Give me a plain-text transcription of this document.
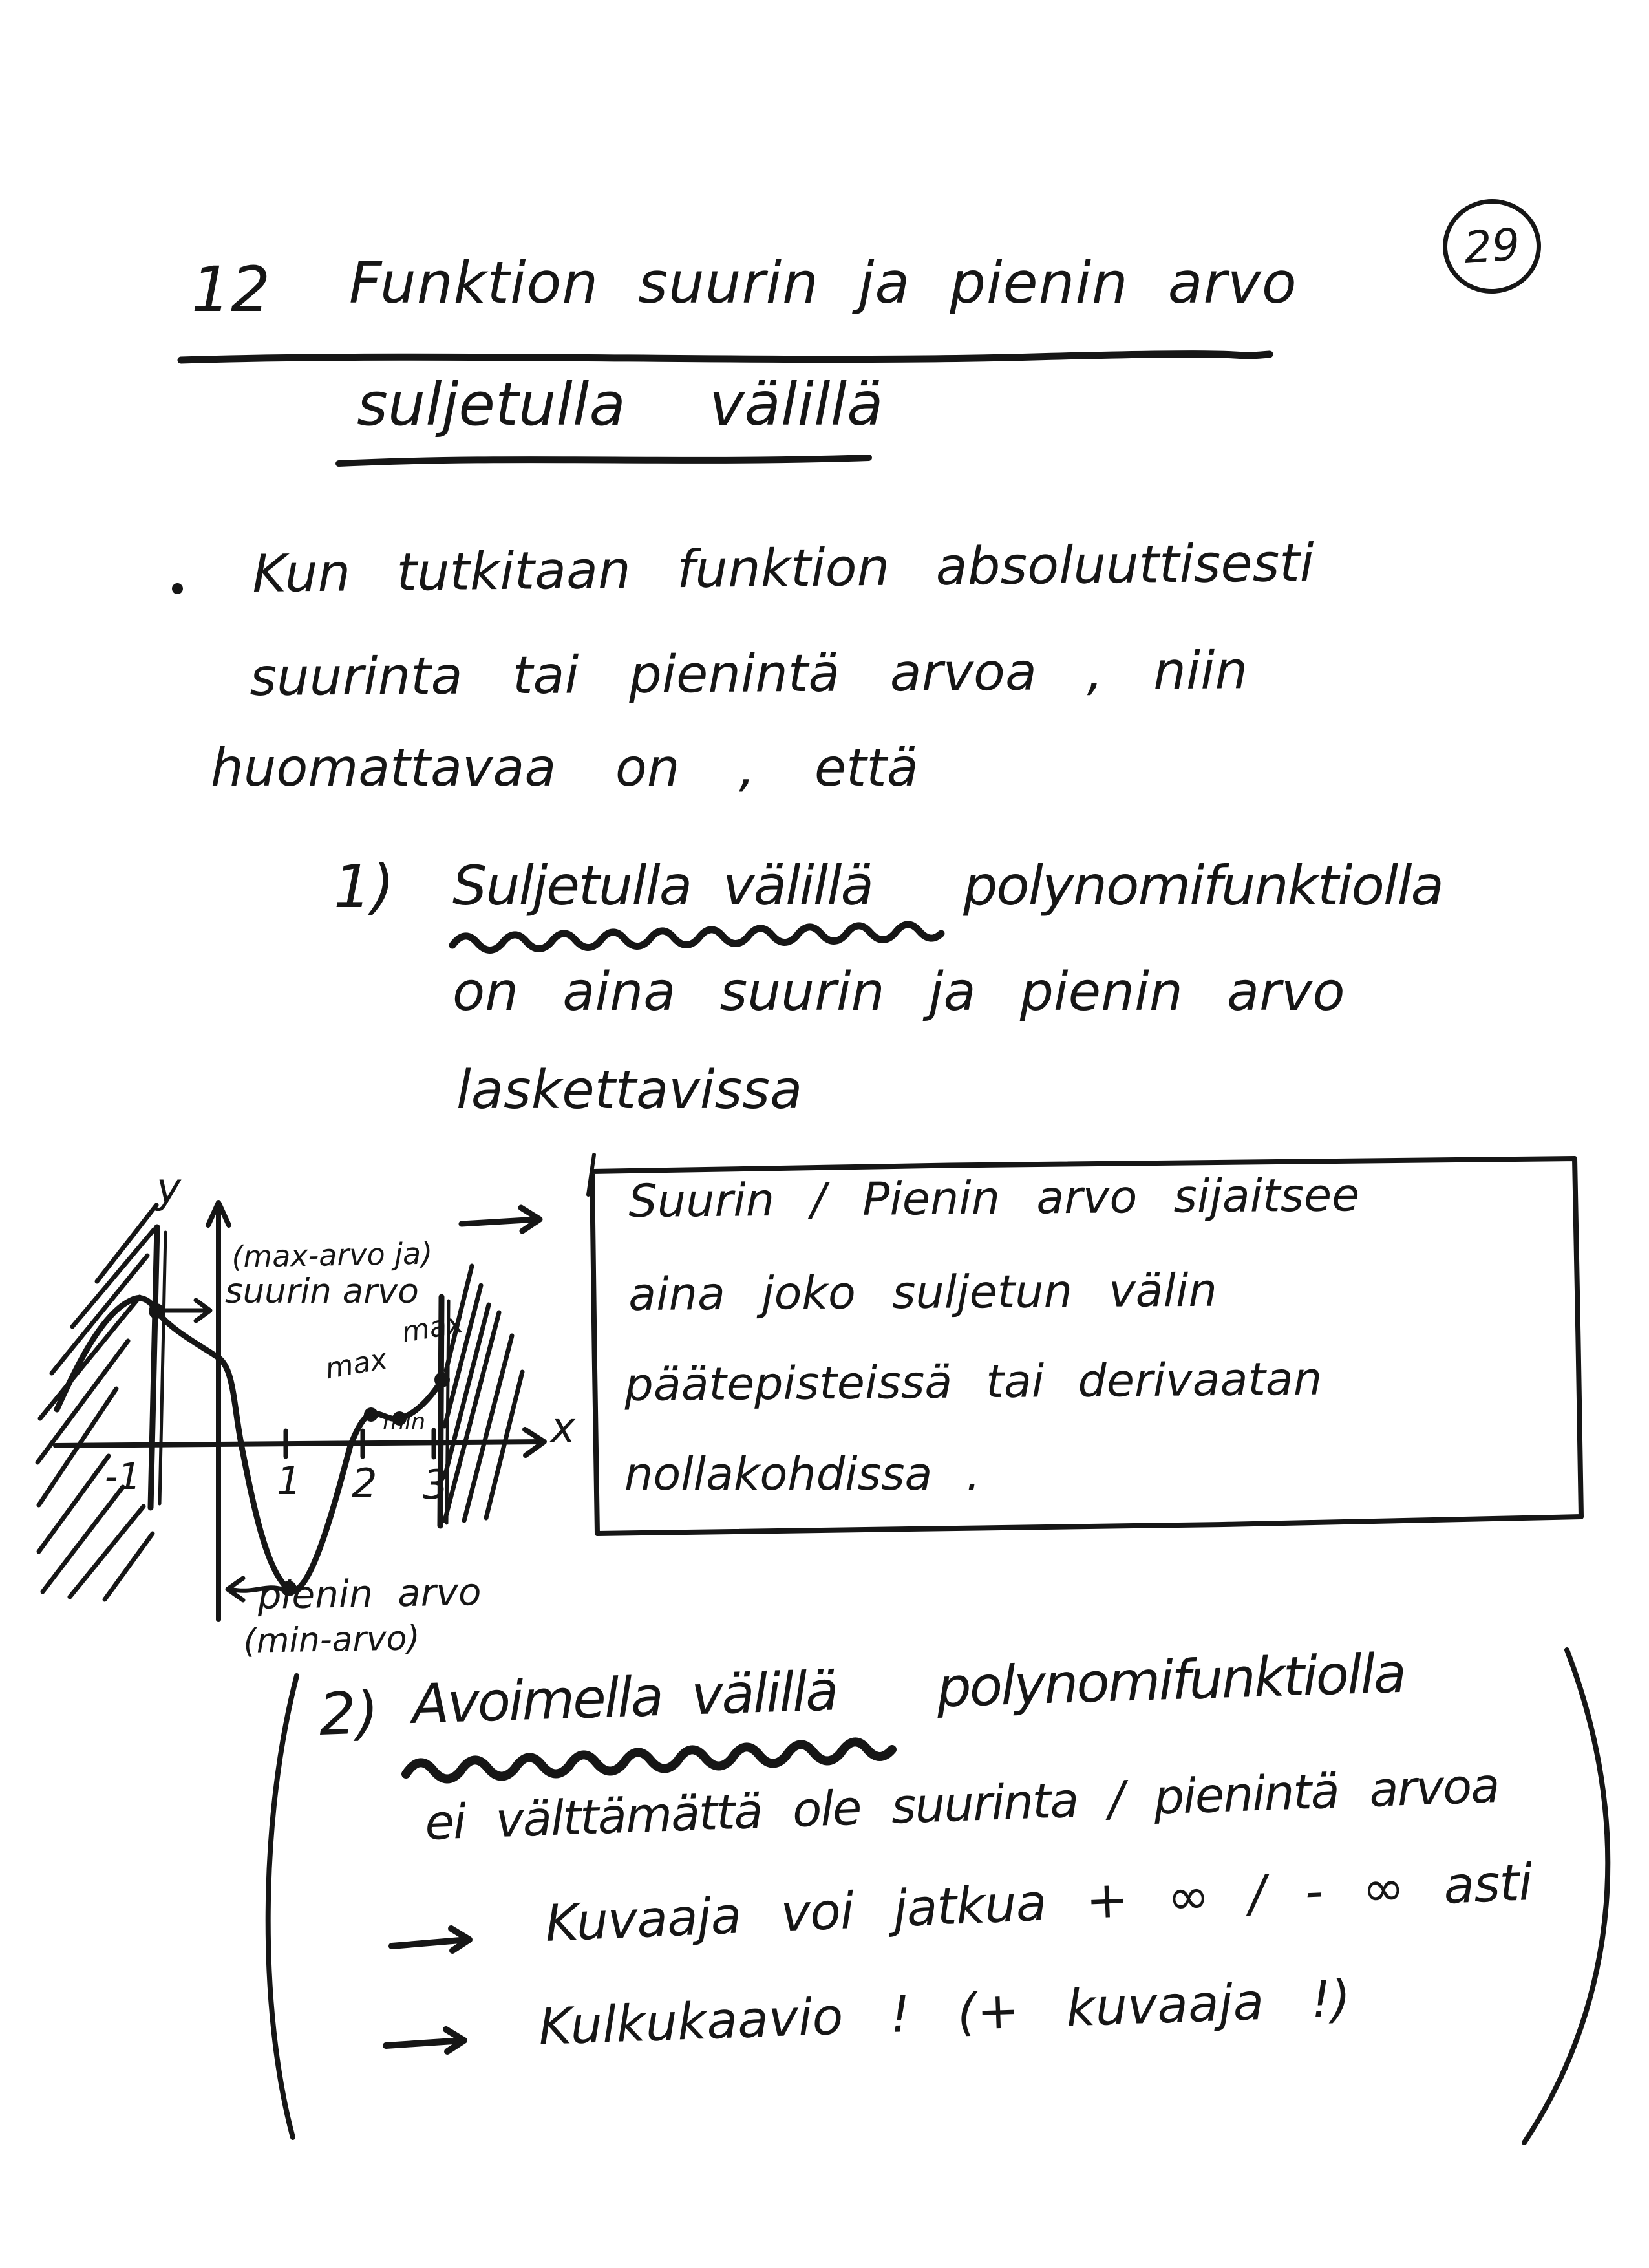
29
12 Funktion suurin ja pienin arvo
suljetulla välillä
Kun tutkitaan funktion absoluuttisesti
suurinta tai pienintä arvoa , niin
huomattavaa on , että
1) Suljetulla välillä polynomifunktiolla
on aina suurin ja pienin arvo
laskettavissa
y
x
(max-arvo ja)
suurin arvo
max
max
min
-1	1 2 3
pienin arvo
(min-arvo)
Suurin / Pienin arvo sijaitsee
aina joko suljetun välin
päätepisteissä tai derivaatan
nollakohdissa .
2) Avoimella välillä polynomifunktiolla
ei välttämättä ole suurinta / pienintä arvoa
Kuvaaja voi jatkua + ∞ / - ∞ asti
Kulkukaavio ! (+ kuvaaja !)
